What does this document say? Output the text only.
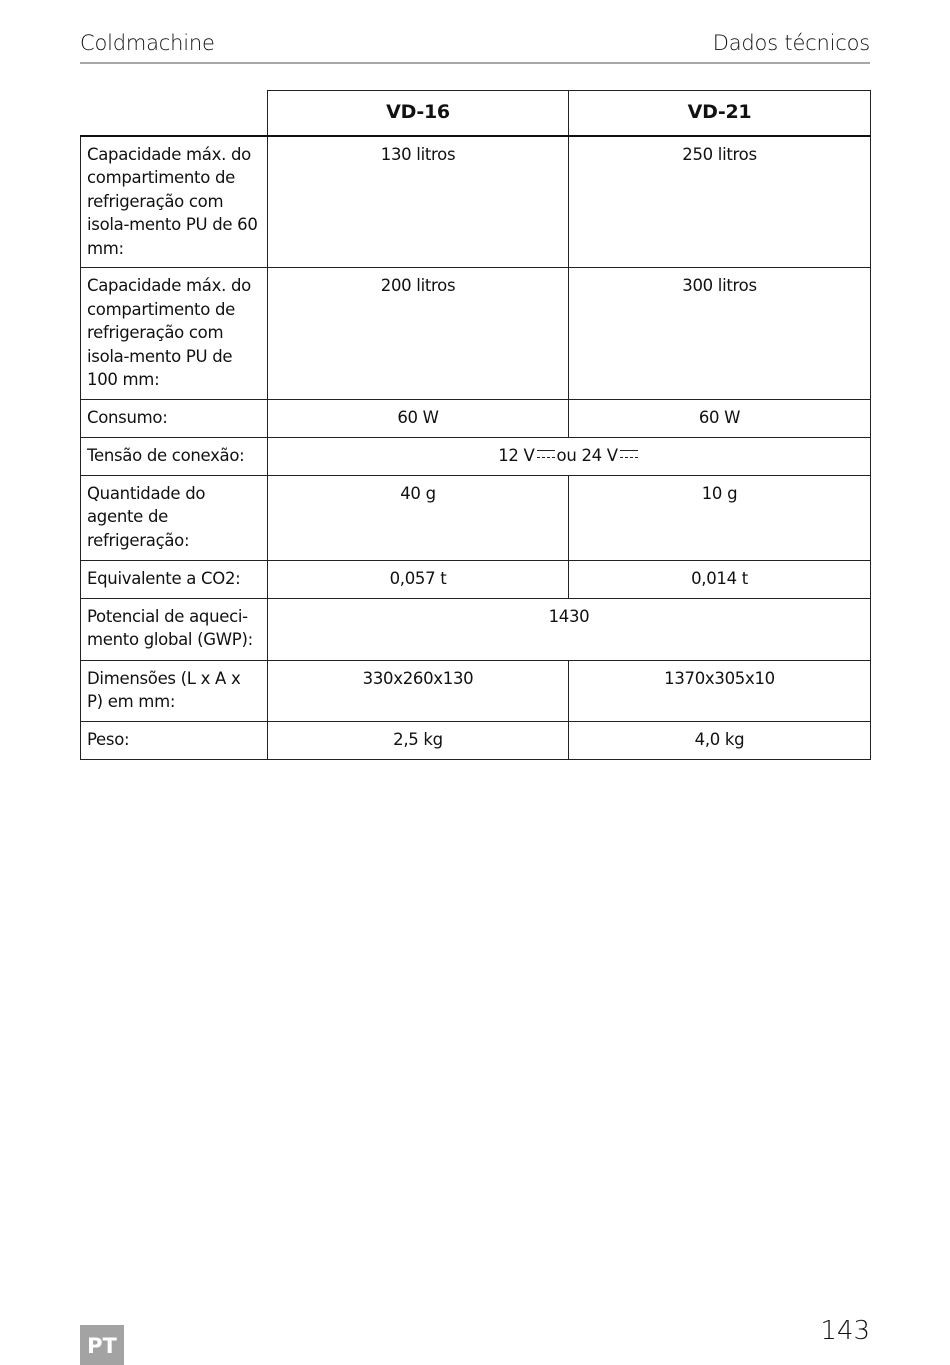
Coldmachine	Dados técnicos
	VD-16	VD-21
Capacidade máx. do compartimento de refrigeração com isola-mento PU de 60 mm:	130 litros	250 litros
Capacidade máx. do compartimento de refrigeração com isola-mento PU de 100 mm:	200 litros	300 litros
Consumo:	60 W	60 W
Tensão de conexão:	12 V ou 24 V	
Quantidade do agente de refrigeração:	40 g	10 g
Equivalente a CO2:	0,057 t	0,014 t
Potencial de aqueci-mento global (GWP):	1430	
Dimensões (L x A x P) em mm:	330x260x130	1370x305x10
Peso:	2,5 kg	4,0 kg
PT	143
